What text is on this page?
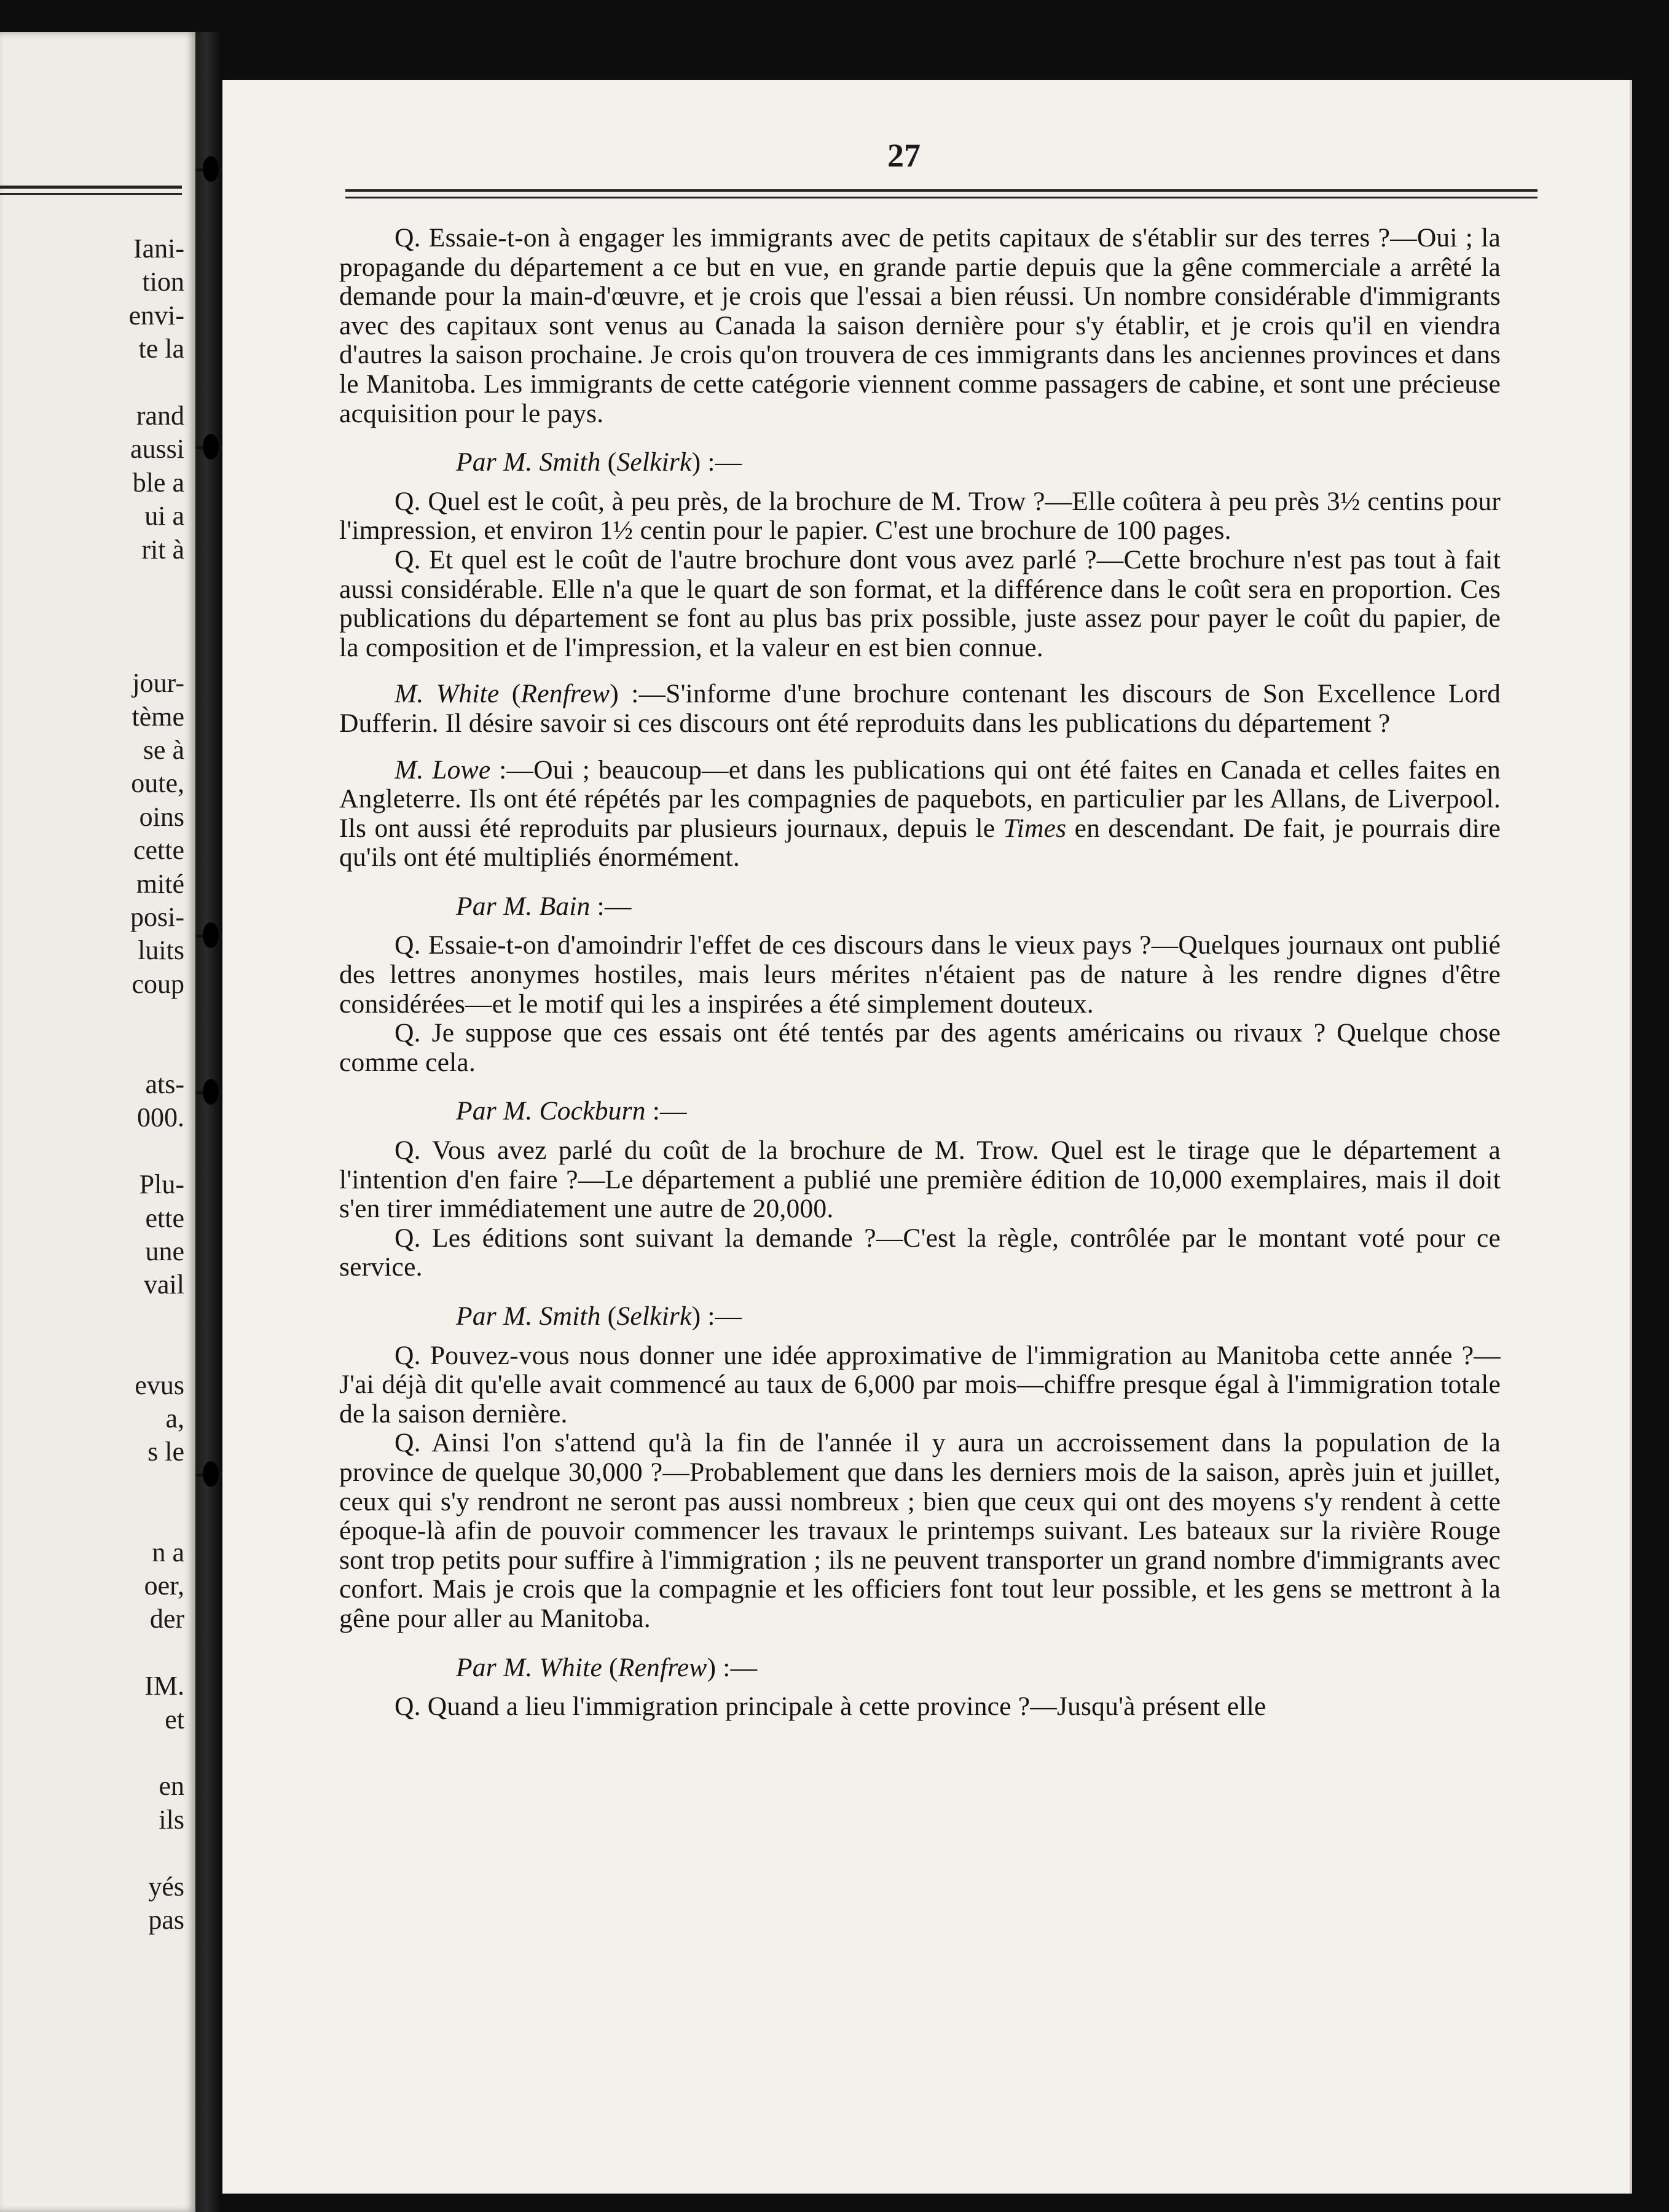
Iani-
tion
envi-
te la
rand
aussi
ble a
ui a
rit à
jour-
tème
se à
oute,
oins
cette
mité
posi-
luits
coup
ats-
000.
Plu-
ette
une
vail
evus
a,
s le
n a
oer,
der
IM.
et
en
ils
yés
pas
27

Q. Essaie-t-on à engager les immigrants avec de petits capitaux de s'établir sur des terres ?—Oui ; la propagande du département a ce but en vue, en grande partie depuis que la gêne commerciale a arrêté la demande pour la main-d'œuvre, et je crois que l'essai a bien réussi. Un nombre considérable d'immigrants avec des capitaux sont venus au Canada la saison dernière pour s'y établir, et je crois qu'il en viendra d'autres la saison prochaine. Je crois qu'on trouvera de ces immigrants dans les anciennes provinces et dans le Manitoba. Les immigrants de cette catégorie viennent comme passagers de cabine, et sont une précieuse acquisition pour le pays.

Par M. Smith (Selkirk) :—

Q. Quel est le coût, à peu près, de la brochure de M. Trow ?—Elle coûtera à peu près 3½ centins pour l'impression, et environ 1½ centin pour le papier. C'est une brochure de 100 pages.

Q. Et quel est le coût de l'autre brochure dont vous avez parlé ?—Cette brochure n'est pas tout à fait aussi considérable. Elle n'a que le quart de son format, et la différence dans le coût sera en proportion. Ces publications du département se font au plus bas prix possible, juste assez pour payer le coût du papier, de la composition et de l'impression, et la valeur en est bien connue.

M. White (Renfrew) :—S'informe d'une brochure contenant les discours de Son Excellence Lord Dufferin. Il désire savoir si ces discours ont été reproduits dans les publications du département ?

M. Lowe :—Oui ; beaucoup—et dans les publications qui ont été faites en Canada et celles faites en Angleterre. Ils ont été répétés par les compagnies de paquebots, en particulier par les Allans, de Liverpool. Ils ont aussi été reproduits par plusieurs journaux, depuis le Times en descendant. De fait, je pourrais dire qu'ils ont été multipliés énormément.

Par M. Bain :—

Q. Essaie-t-on d'amoindrir l'effet de ces discours dans le vieux pays ?—Quelques journaux ont publié des lettres anonymes hostiles, mais leurs mérites n'étaient pas de nature à les rendre dignes d'être considérées—et le motif qui les a inspirées a été simplement douteux.

Q. Je suppose que ces essais ont été tentés par des agents américains ou rivaux ? Quelque chose comme cela.

Par M. Cockburn :—

Q. Vous avez parlé du coût de la brochure de M. Trow. Quel est le tirage que le département a l'intention d'en faire ?—Le département a publié une première édition de 10,000 exemplaires, mais il doit s'en tirer immédiatement une autre de 20,000.

Q. Les éditions sont suivant la demande ?—C'est la règle, contrôlée par le montant voté pour ce service.

Par M. Smith (Selkirk) :—

Q. Pouvez-vous nous donner une idée approximative de l'immigration au Manitoba cette année ?—J'ai déjà dit qu'elle avait commencé au taux de 6,000 par mois—chiffre presque égal à l'immigration totale de la saison dernière.

Q. Ainsi l'on s'attend qu'à la fin de l'année il y aura un accroissement dans la population de la province de quelque 30,000 ?—Probablement que dans les derniers mois de la saison, après juin et juillet, ceux qui s'y rendront ne seront pas aussi nombreux ; bien que ceux qui ont des moyens s'y rendent à cette époque-là afin de pouvoir commencer les travaux le printemps suivant. Les bateaux sur la rivière Rouge sont trop petits pour suffire à l'immigration ; ils ne peuvent transporter un grand nombre d'immigrants avec confort. Mais je crois que la compagnie et les officiers font tout leur possible, et les gens se mettront à la gêne pour aller au Manitoba.

Par M. White (Renfrew) :—

Q. Quand a lieu l'immigration principale à cette province ?—Jusqu'à présent elle
